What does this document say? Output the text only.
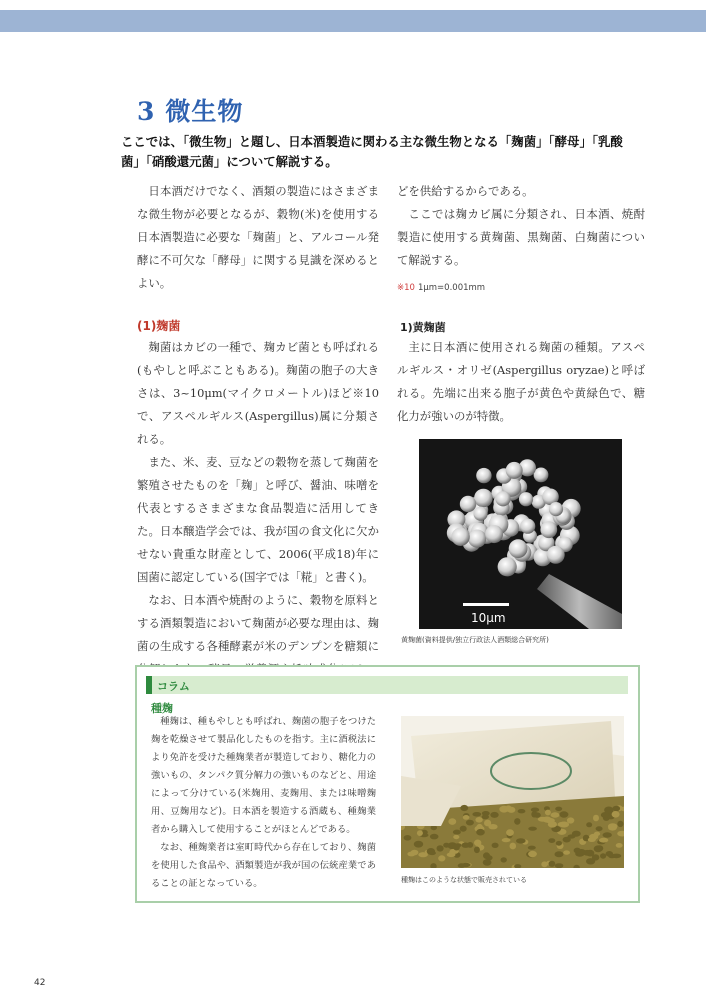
3 微生物
ここでは、「微生物」と題し、日本酒製造に関わる主な微生物となる「麹菌」「酵母」「乳酸菌」「硝酸還元菌」について解説する。

日本酒だけでなく、酒類の製造にはさまざまな微生物が必要となるが、穀物(米)を使用する日本酒製造に必要な「麹菌」と、アルコール発酵に不可欠な「酵母」に関する見識を深めるとよい。

どを供給するからである。

ここでは麹カビ属に分類され、日本酒、焼酎製造に使用する黄麹菌、黒麹菌、白麹菌について解説する。

※10 1μm=0.001mm
(1)麹菌

麹菌はカビの一種で、麹カビ菌とも呼ばれる(もやしと呼ぶこともある)。麹菌の胞子の大きさは、3~10μm(マイクロメートル)ほど※10で、アスペルギルス(Aspergillus)属に分類される。

また、米、麦、豆などの穀物を蒸して麹菌を繁殖させたものを「麹」と呼び、醤油、味噌を代表とするさまざまな食品製造に活用してきた。日本醸造学会では、我が国の食文化に欠かせない貴重な財産として、2006(平成18)年に国菌に認定している(国字では「糀」と書く)。

なお、日本酒や焼酎のように、穀物を原料とする酒類製造において麹菌が必要な理由は、麹菌の生成する各種酵素が米のデンプンを糖類に

1)黄麹菌

主に日本酒に使用される麹菌の種類。アスペルギルス・オリゼ(Aspergillus oryzae)と呼ばれる。先端に出来る胞子が黄色や黄緑色で、糖化力が強いのが特徴。

10μm
黄麹菌(資料提供/独立行政法人酒類総合研究所)
コラム
種麹

種麹は、種もやしとも呼ばれ、麹菌の胞子をつけた麹を乾燥させて製品化したものを指す。主に酒税法により免許を受けた種麹業者が製造しており、糖化力の強いもの、タンパク質分解力の強いものなどと、用途によって分けている(米麹用、麦麹用、または味噌麹用、豆麹用など)。日本酒を製造する酒蔵も、種麹業者から購入して使用することがほとんどである。

なお、種麹業者は室町時代から存在しており、麹菌を使用した食品や、酒類製造が我が国の伝統産業であることの証となっている。	種麹はこのような状態で販売されている
42
